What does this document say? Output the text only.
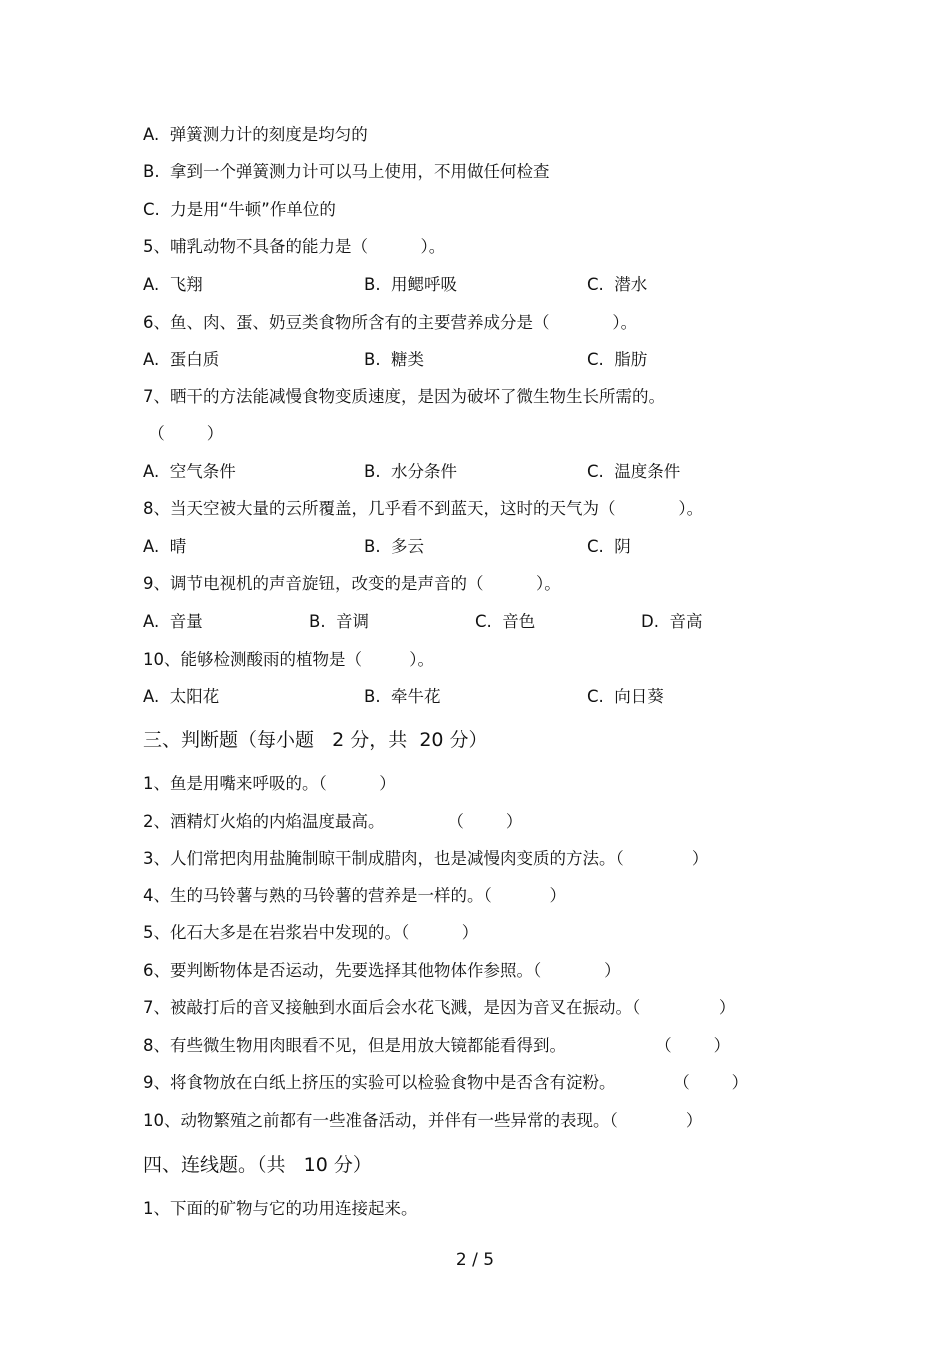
A.  弹簧测力计的刻度是均匀的
B.  拿到一个弹簧测力计可以马上使用，不用做任何检查
C.  力是用“牛顿”作单位的
5、哺乳动物不具备的能力是（          ）。
A.  飞翔	B.  用鳃呼吸	C.  潜水
6、鱼、肉、蛋、奶豆类食物所含有的主要营养成分是（            ）。
A.  蛋白质	B.  糖类	C.  脂肪
7、晒干的方法能减慢食物变质速度，是因为破坏了微生物生长所需的。
（        ）
A.  空气条件	B.  水分条件	C.  温度条件
8、当天空被大量的云所覆盖，几乎看不到蓝天，这时的天气为（            ）。
A.  晴	B.  多云	C.  阴
9、调节电视机的声音旋钮，改变的是声音的（          ）。
A.  音量	B.  音调	C.  音色	D.  音高
10、能够检测酸雨的植物是（         ）。
A.  太阳花	B.  牵牛花	C.  向日葵
三、判断题（每小题   2 分，共  20 分）
1、鱼是用嘴来呼吸的。（          ）
2、酒精灯火焰的内焰温度最高。            （        ）
3、人们常把肉用盐腌制晾干制成腊肉，也是减慢肉变质的方法。（             ）
4、生的马铃薯与熟的马铃薯的营养是一样的。（           ）
5、化石大多是在岩浆岩中发现的。（          ）
6、要判断物体是否运动，先要选择其他物体作参照。（            ）
7、被敲打后的音叉接触到水面后会水花飞溅，是因为音叉在振动。（               ）
8、有些微生物用肉眼看不见，但是用放大镜都能看得到。                 （        ）
9、将食物放在白纸上挤压的实验可以检验食物中是否含有淀粉。           （        ）
10、动物繁殖之前都有一些准备活动，并伴有一些异常的表现。（             ）
四、连线题。（共   10 分）
1、下面的矿物与它的功用连接起来。
2 / 5
